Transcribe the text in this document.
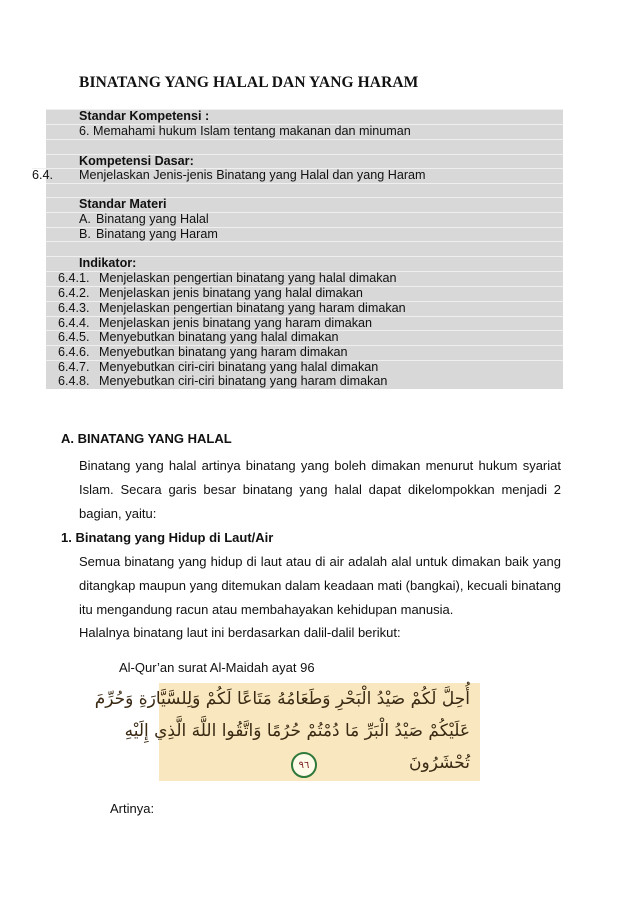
BINATANG YANG HALAL DAN YANG HARAM
Standar Kompetensi :
6. Memahami hukum Islam tentang makanan dan minuman
Kompetensi Dasar:
6.4. Menjelaskan Jenis-jenis Binatang yang Halal dan yang Haram
Standar Materi
A. Binatang yang Halal
B. Binatang yang Haram
Indikator:
6.4.1. Menjelaskan pengertian binatang yang halal dimakan
6.4.2. Menjelaskan jenis binatang yang halal dimakan
6.4.3. Menjelaskan pengertian binatang yang haram dimakan
6.4.4. Menjelaskan jenis binatang yang haram dimakan
6.4.5. Menyebutkan binatang yang halal dimakan
6.4.6. Menyebutkan binatang yang haram dimakan
6.4.7. Menyebutkan ciri-ciri binatang yang halal dimakan
6.4.8. Menyebutkan ciri-ciri binatang yang haram dimakan
A. BINATANG YANG HALAL
Binatang yang halal artinya binatang yang boleh dimakan menurut hukum syariat
Islam. Secara garis besar binatang yang halal dapat dikelompokkan menjadi 2
bagian, yaitu:
1. Binatang yang Hidup di Laut/Air
Semua binatang yang hidup di laut atau di air adalah alal untuk dimakan baik yang
ditangkap maupun yang ditemukan dalam keadaan mati (bangkai), kecuali binatang
itu mengandung racun atau membahayakan kehidupan manusia.
Halalnya binatang laut ini berdasarkan dalil-dalil berikut:
Al-Qur’an surat Al-Maidah ayat 96
أُحِلَّ لَكُمْ صَيْدُ الْبَحْرِ وَطَعَامُهُ مَتَاعًا لَكُمْ وَلِلسَّيَّارَةِ وَحُرِّمَ
عَلَيْكُمْ صَيْدُ الْبَرِّ مَا دُمْتُمْ حُرُمًا وَاتَّقُوا اللَّهَ الَّذِي إِلَيْهِ
تُحْشَرُونَ
٩٦
Artinya:
